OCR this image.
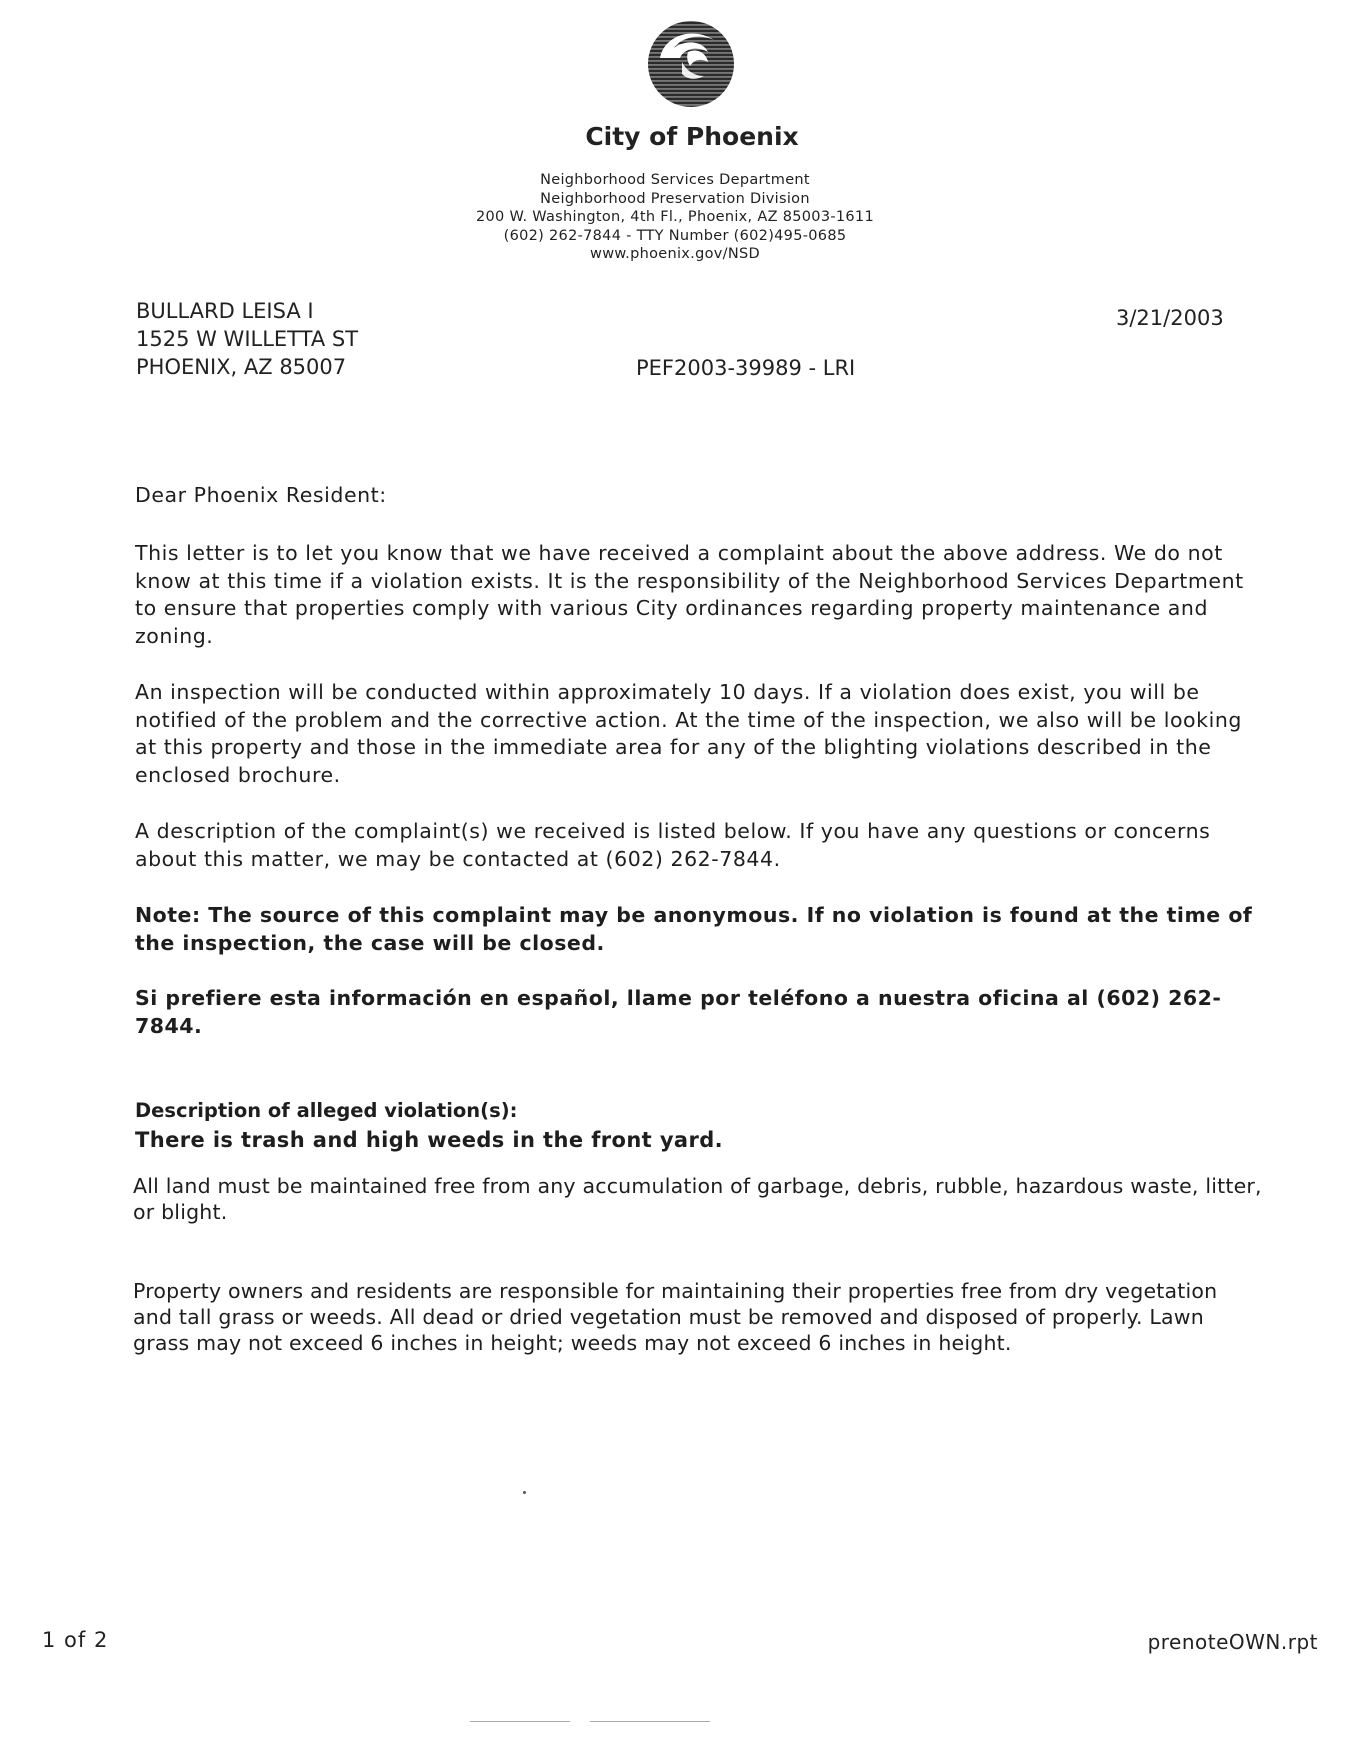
City of Phoenix
Neighborhood Services Department
Neighborhood Preservation Division
200 W. Washington, 4th Fl., Phoenix, AZ 85003-1611
(602) 262-7844 - TTY Number (602)495-0685
www.phoenix.gov/NSD
BULLARD LEISA I
1525 W WILLETTA ST
PHOENIX, AZ 85007
3/21/2003
PEF2003-39989 - LRI
Dear Phoenix Resident:
This letter is to let you know that we have received a complaint about the above address. We do not know at this time if a violation exists. It is the responsibility of the Neighborhood Services Department to ensure that properties comply with various City ordinances regarding property maintenance and zoning.
An inspection will be conducted within approximately 10 days. If a violation does exist, you will be notified of the problem and the corrective action. At the time of the inspection, we also will be looking at this property and those in the immediate area for any of the blighting violations described in the enclosed brochure.
A description of the complaint(s) we received is listed below. If you have any questions or concerns about this matter, we may be contacted at (602) 262-7844.
Note: The source of this complaint may be anonymous. If no violation is found at the time of the inspection, the case will be closed.
Si prefiere esta información en español, llame por teléfono a nuestra oficina al (602) 262-7844.
Description of alleged violation(s):
There is trash and high weeds in the front yard.
All land must be maintained free from any accumulation of garbage, debris, rubble, hazardous waste, litter, or blight.
Property owners and residents are responsible for maintaining their properties free from dry vegetation and tall grass or weeds. All dead or dried vegetation must be removed and disposed of properly. Lawn grass may not exceed 6 inches in height; weeds may not exceed 6 inches in height.
1 of 2	prenoteOWN.rpt
